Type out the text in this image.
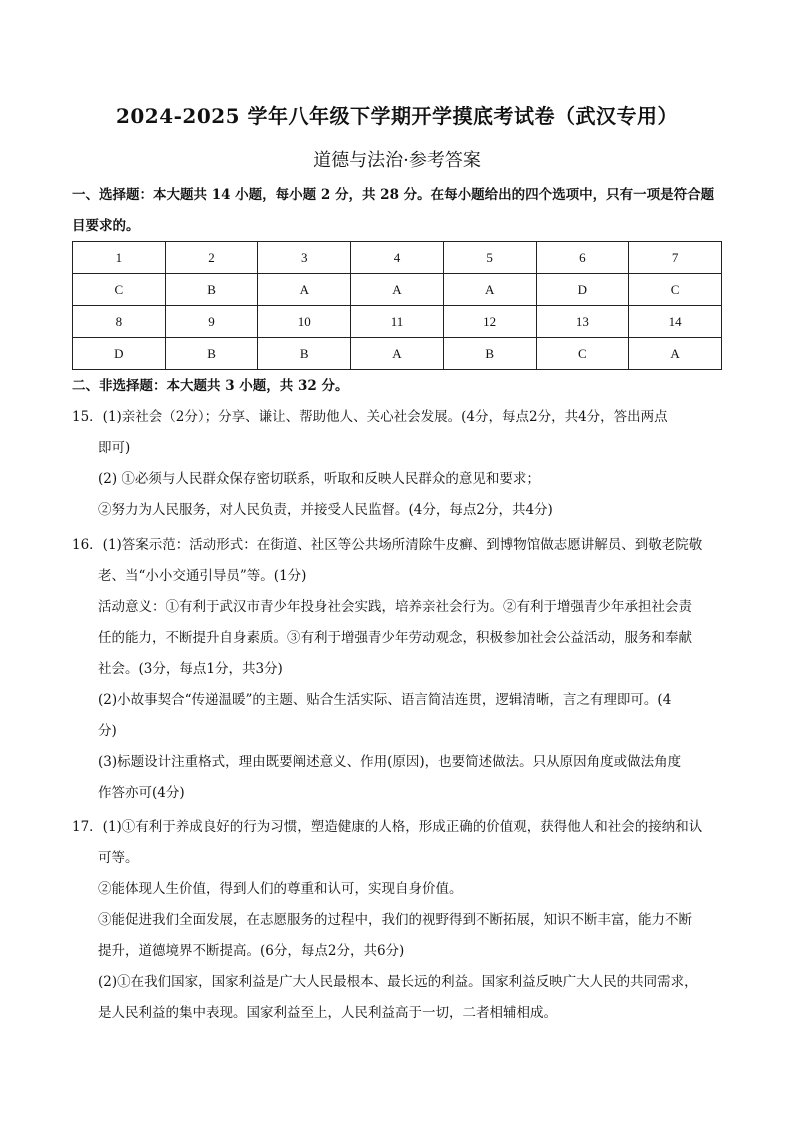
2024-2025 学年八年级下学期开学摸底考试卷（武汉专用）
道德与法治·参考答案
一、选择题：本大题共 14 小题，每小题 2 分，共 28 分。在每小题给出的四个选项中，只有一项是符合题
目要求的。
1	2	3	4	5	6	7
C	B	A	A	A	D	C
8	9	10	11	12	13	14
D	B	B	A	B	C	A
二、非选择题：本大题共 3 小题，共 32 分。
15．(1)亲社会（2分）；分享、谦让、帮助他人、关心社会发展。(4分，每点2分，共4分，答出两点
即可)
(2) ①必须与人民群众保存密切联系，听取和反映人民群众的意见和要求；
②努力为人民服务，对人民负责，并接受人民监督。(4分，每点2分，共4分)
16．(1)答案示范：活动形式：在街道、社区等公共场所清除牛皮癣、到博物馆做志愿讲解员、到敬老院敬
老、当“小小交通引导员”等。(1分)
活动意义：①有利于武汉市青少年投身社会实践，培养亲社会行为。②有利于增强青少年承担社会责
任的能力，不断提升自身素质。③有利于增强青少年劳动观念，积极参加社会公益活动，服务和奉献
社会。(3分，每点1分，共3分)
(2)小故事契合“传递温暖”的主题、贴合生活实际、语言简洁连贯，逻辑清晰，言之有理即可。(4
分)
(3)标题设计注重格式，理由既要阐述意义、作用(原因)，也要简述做法。只从原因角度或做法角度
作答亦可(4分)
17．(1)①有利于养成良好的行为习惯，塑造健康的人格，形成正确的价值观，获得他人和社会的接纳和认
可等。
②能体现人生价值，得到人们的尊重和认可，实现自身价值。
③能促进我们全面发展，在志愿服务的过程中，我们的视野得到不断拓展，知识不断丰富，能力不断
提升，道德境界不断提高。(6分，每点2分，共6分)
(2)①在我们国家，国家利益是广大人民最根本、最长远的利益。国家利益反映广大人民的共同需求，
是人民利益的集中表现。国家利益至上，人民利益高于一切，二者相辅相成。
